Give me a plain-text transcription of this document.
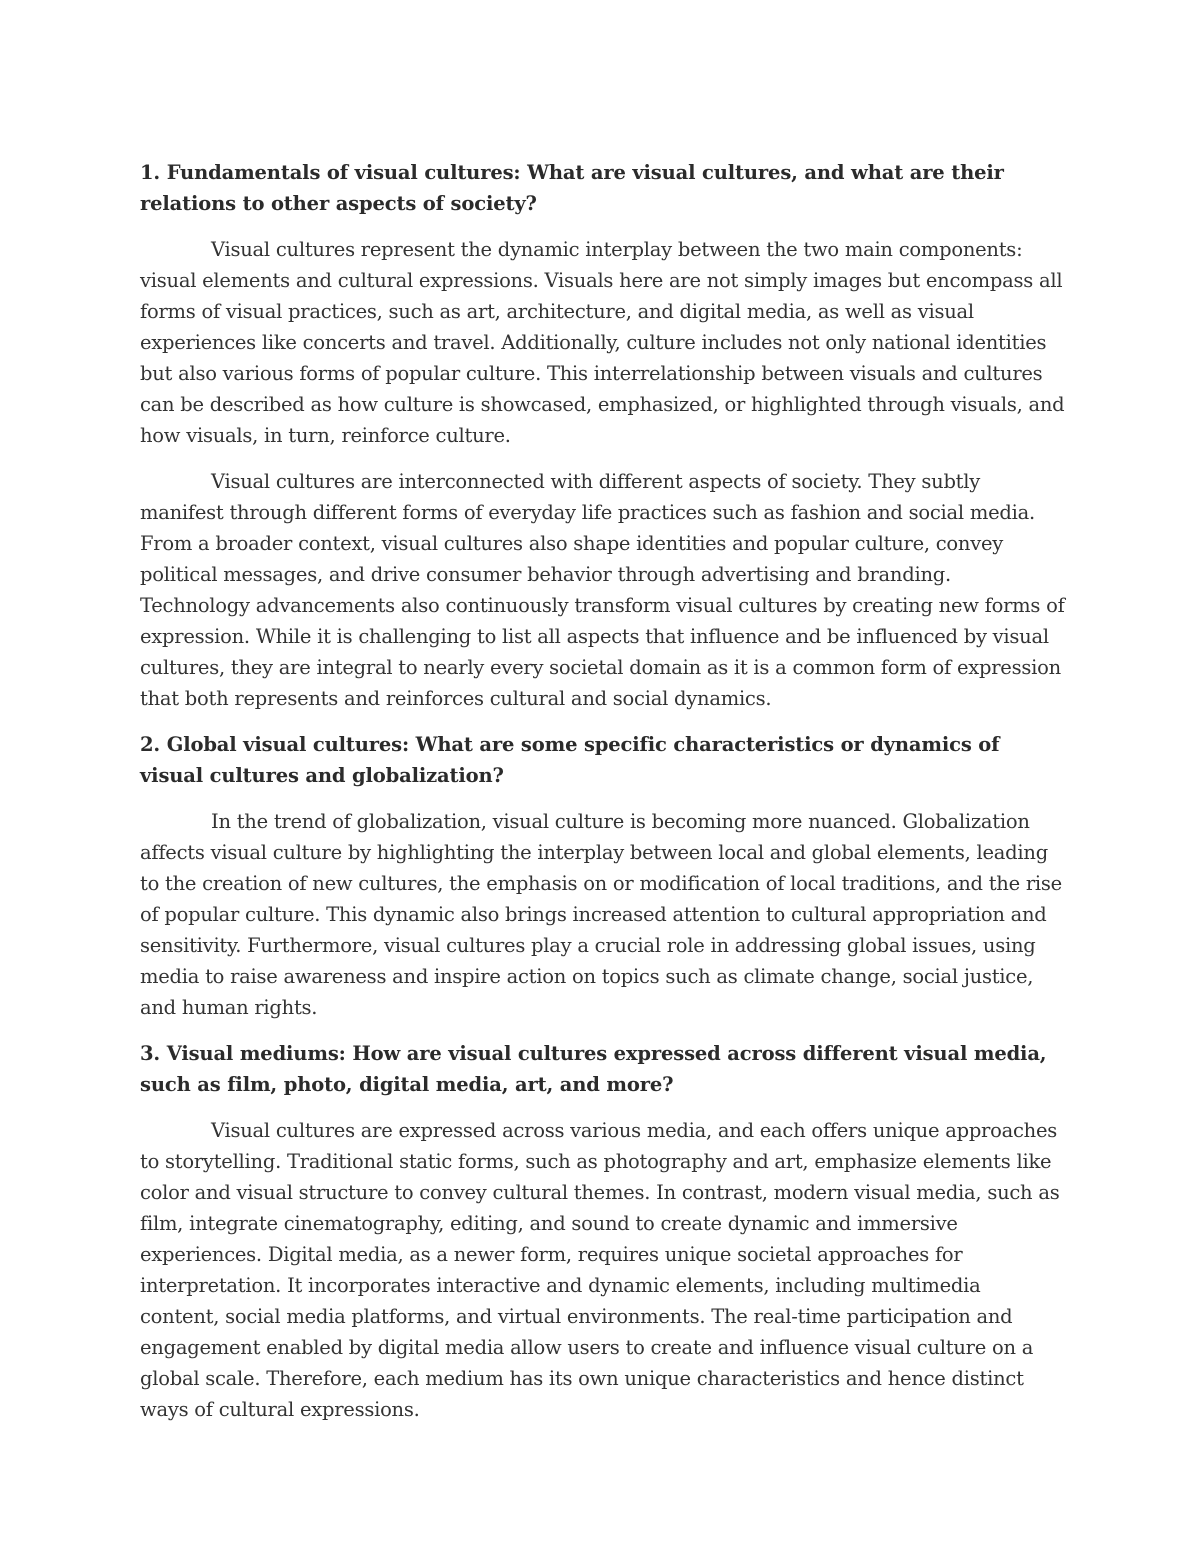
1. Fundamentals of visual cultures: What are visual cultures, and what are their relations to other aspects of society?

Visual cultures represent the dynamic interplay between the two main components: visual elements and cultural expressions. Visuals here are not simply images but encompass all forms of visual practices, such as art, architecture, and digital media, as well as visual experiences like concerts and travel. Additionally, culture includes not only national identities but also various forms of popular culture. This interrelationship between visuals and cultures can be described as how culture is showcased, emphasized, or highlighted through visuals, and how visuals, in turn, reinforce culture.

Visual cultures are interconnected with different aspects of society. They subtly manifest through different forms of everyday life practices such as fashion and social media. From a broader context, visual cultures also shape identities and popular culture, convey political messages, and drive consumer behavior through advertising and branding. Technology advancements also continuously transform visual cultures by creating new forms of expression. While it is challenging to list all aspects that influence and be influenced by visual cultures, they are integral to nearly every societal domain as it is a common form of expression that both represents and reinforces cultural and social dynamics.

2. Global visual cultures: What are some specific characteristics or dynamics of visual cultures and globalization?

In the trend of globalization, visual culture is becoming more nuanced. Globalization affects visual culture by highlighting the interplay between local and global elements, leading to the creation of new cultures, the emphasis on or modification of local traditions, and the rise of popular culture. This dynamic also brings increased attention to cultural appropriation and sensitivity. Furthermore, visual cultures play a crucial role in addressing global issues, using media to raise awareness and inspire action on topics such as climate change, social justice, and human rights.

3. Visual mediums: How are visual cultures expressed across different visual media, such as film, photo, digital media, art, and more?

Visual cultures are expressed across various media, and each offers unique approaches to storytelling. Traditional static forms, such as photography and art, emphasize elements like color and visual structure to convey cultural themes. In contrast, modern visual media, such as film, integrate cinematography, editing, and sound to create dynamic and immersive experiences. Digital media, as a newer form, requires unique societal approaches for interpretation. It incorporates interactive and dynamic elements, including multimedia content, social media platforms, and virtual environments. The real-time participation and engagement enabled by digital media allow users to create and influence visual culture on a global scale. Therefore, each medium has its own unique characteristics and hence distinct ways of cultural expressions.
